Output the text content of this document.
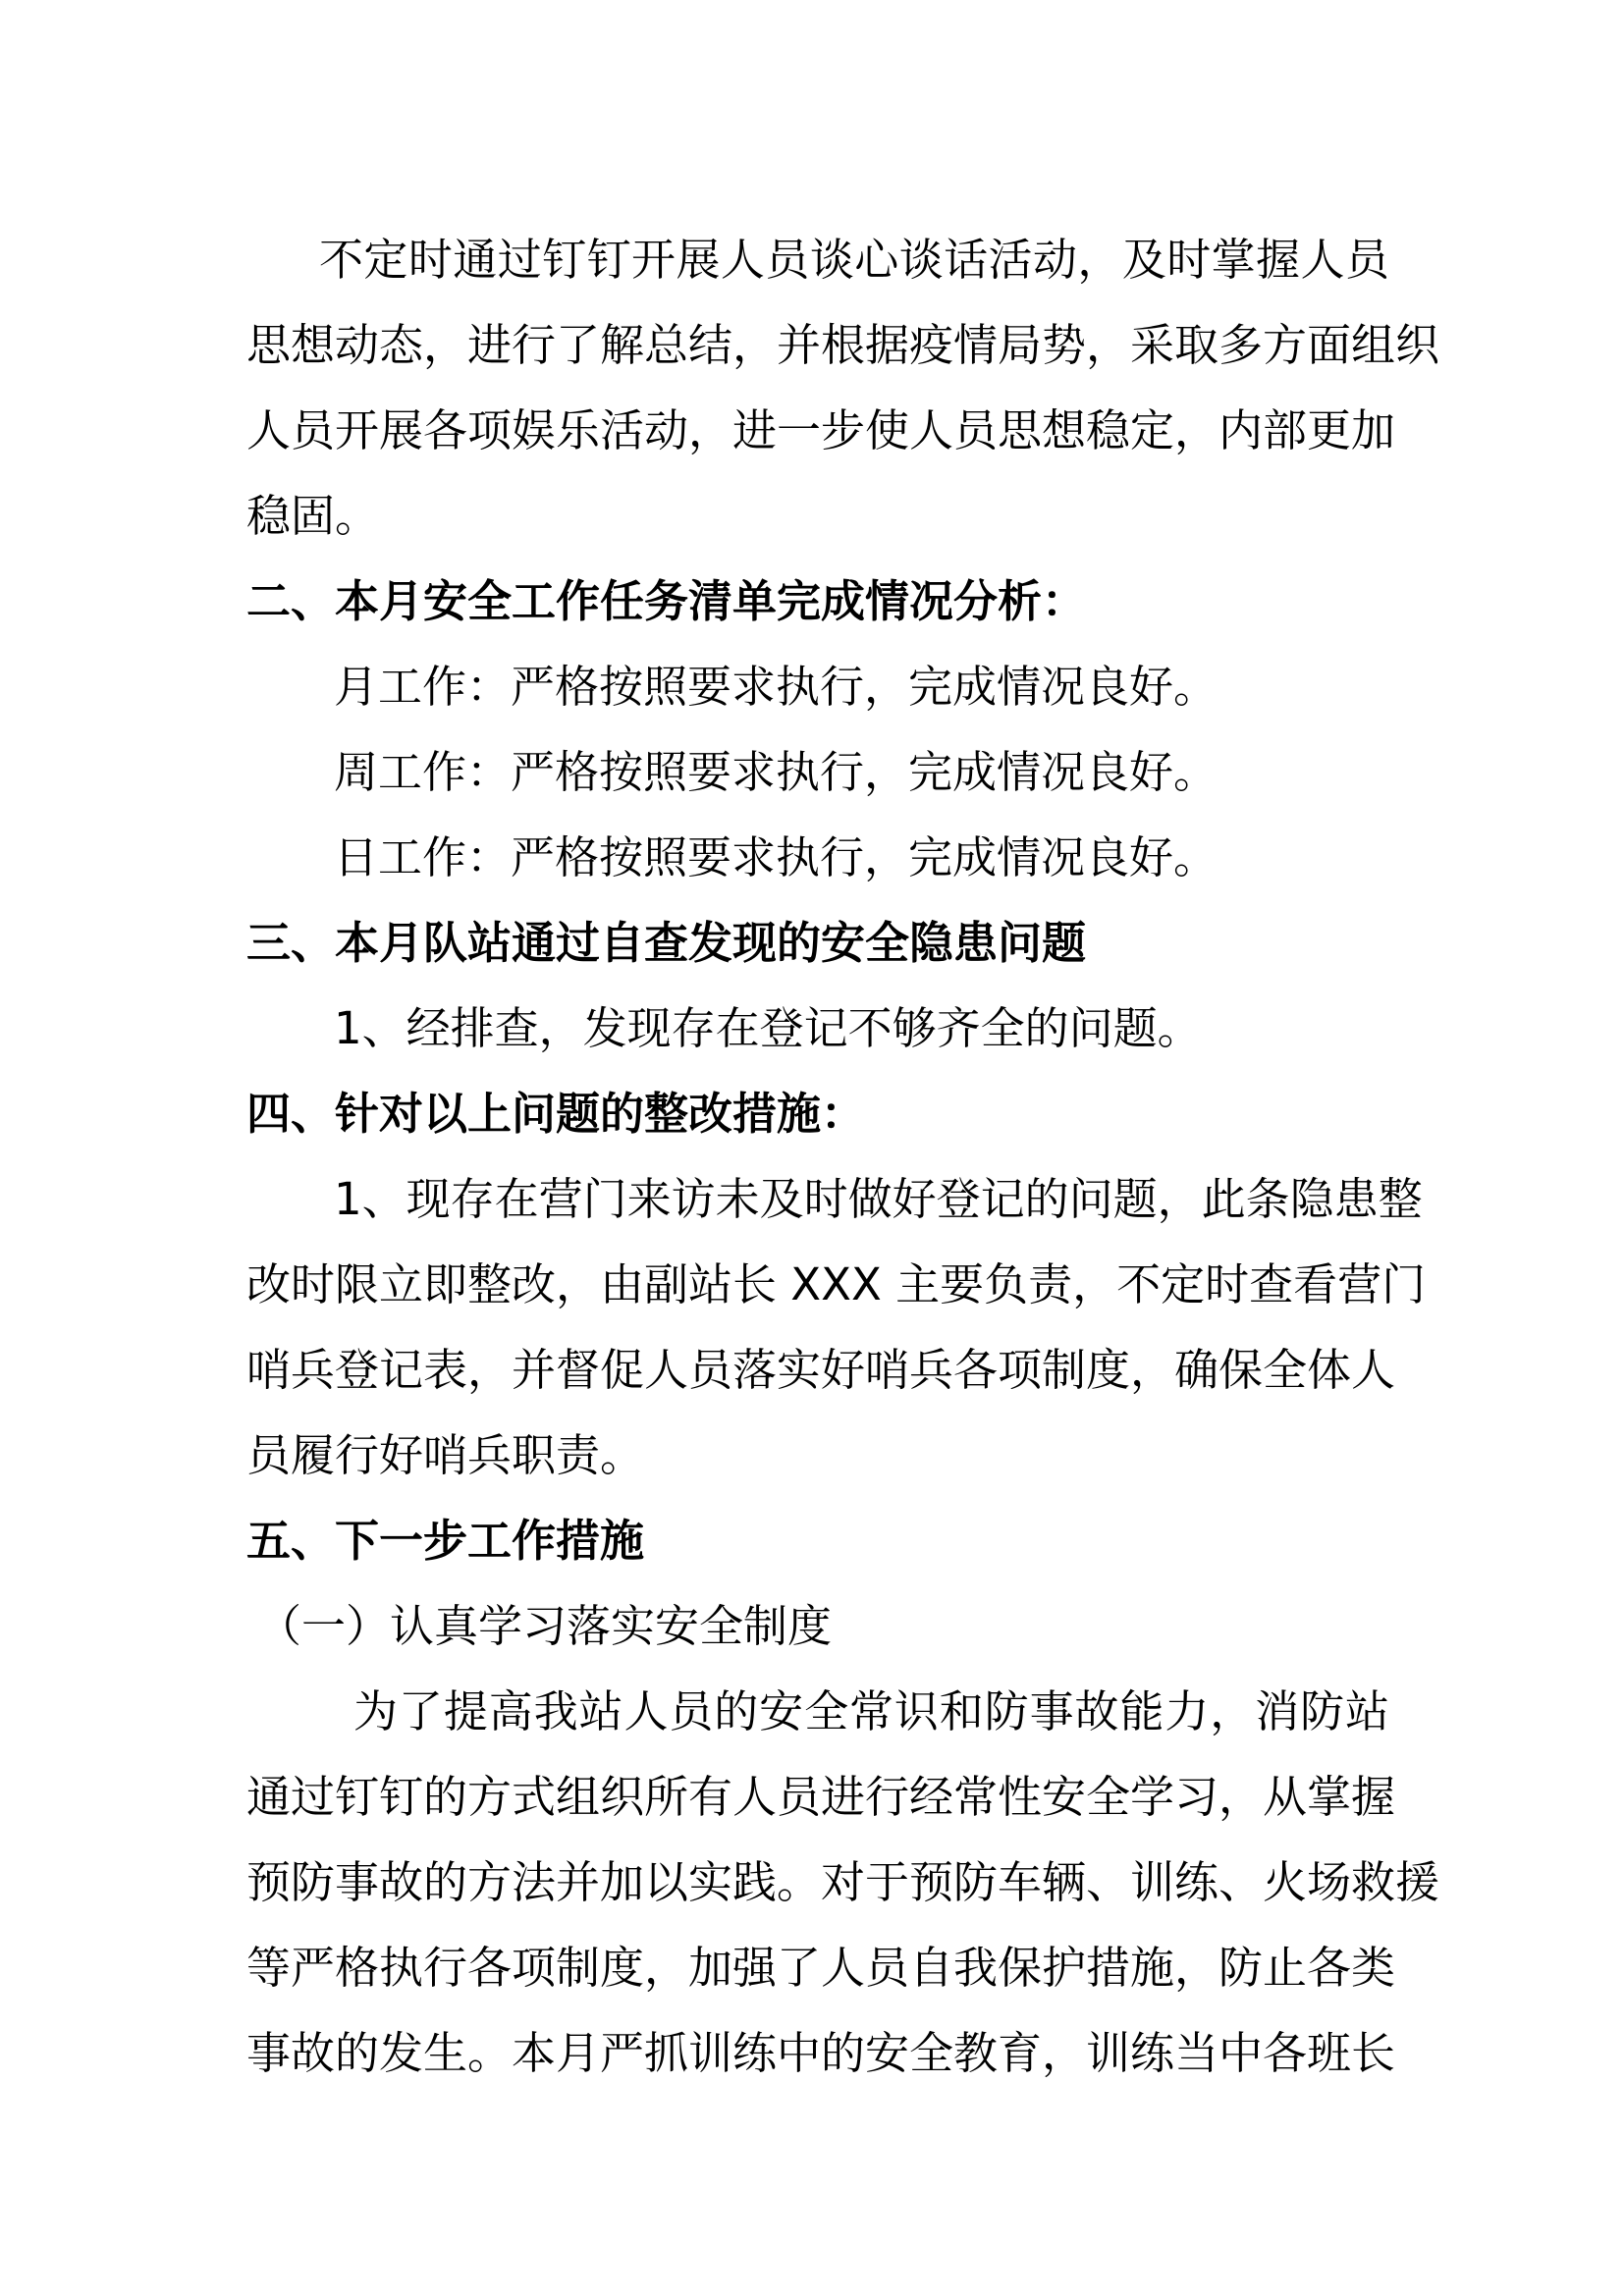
不定时通过钉钉开展人员谈心谈话活动，及时掌握人员
思想动态，进行了解总结，并根据疫情局势，采取多方面组织
人员开展各项娱乐活动，进一步使人员思想稳定，内部更加
稳固。
二、本月安全工作任务清单完成情况分析：
月工作：严格按照要求执行，完成情况良好。
周工作：严格按照要求执行，完成情况良好。
日工作：严格按照要求执行，完成情况良好。
三、本月队站通过自查发现的安全隐患问题
1、经排查，发现存在登记不够齐全的问题。
四、针对以上问题的整改措施：
1、现存在营门来访未及时做好登记的问题，此条隐患整
改时限立即整改，由副站长 XXX 主要负责，不定时查看营门
哨兵登记表，并督促人员落实好哨兵各项制度，确保全体人
员履行好哨兵职责。
五、下一步工作措施
（一）认真学习落实安全制度
为了提高我站人员的安全常识和防事故能力，消防站
通过钉钉的方式组织所有人员进行经常性安全学习，从掌握
预防事故的方法并加以实践。对于预防车辆、训练、火场救援
等严格执行各项制度，加强了人员自我保护措施，防止各类
事故的发生。本月严抓训练中的安全教育，训练当中各班长
